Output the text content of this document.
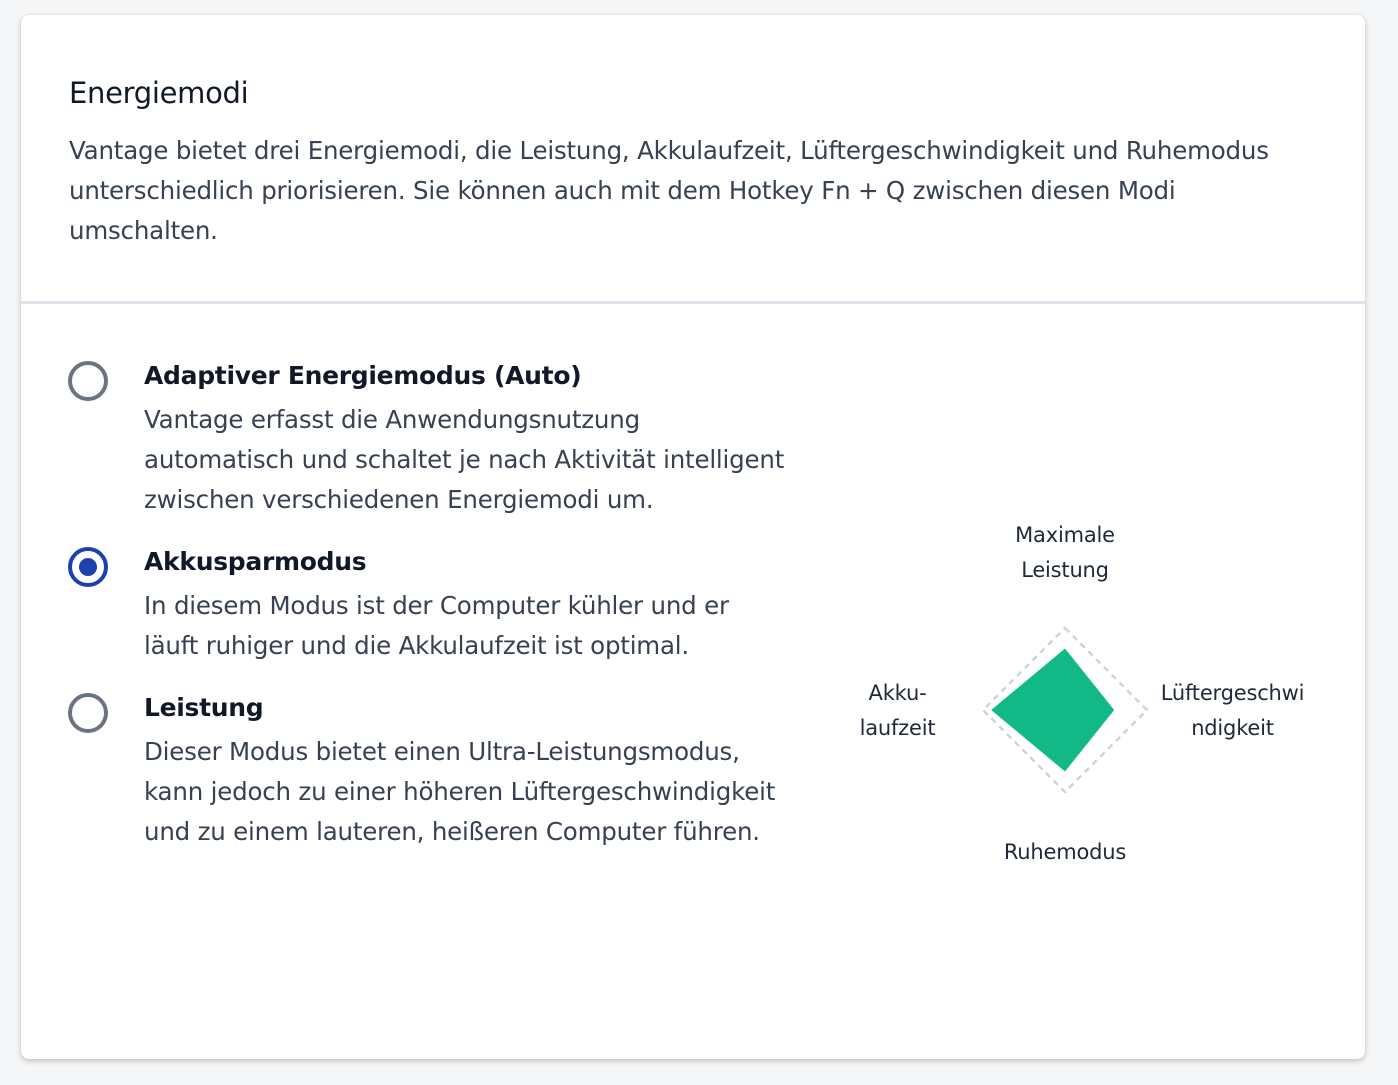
Energiemodi

Vantage bietet drei Energiemodi, die Leistung, Akkulaufzeit, Lüftergeschwindigkeit und Ruhemodus unterschiedlich priorisieren. Sie können auch mit dem Hotkey Fn + Q zwischen diesen Modi umschalten.

Adaptiver Energiemodus (Auto)
Vantage erfasst die Anwendungsnutzung automatisch und schaltet je nach Aktivität intelligent zwischen verschiedenen Energiemodi um.
Akkusparmodus
In diesem Modus ist der Computer kühler und er läuft ruhiger und die Akkulaufzeit ist optimal.
Leistung
Dieser Modus bietet einen Ultra-Leistungsmodus, kann jedoch zu einer höheren Lüftergeschwindigkeit und zu einem lauteren, heißeren Computer führen.
Maximale
Leistung
Lüftergeschwi
ndigkeit
Ruhemodus
Akku-
laufzeit
